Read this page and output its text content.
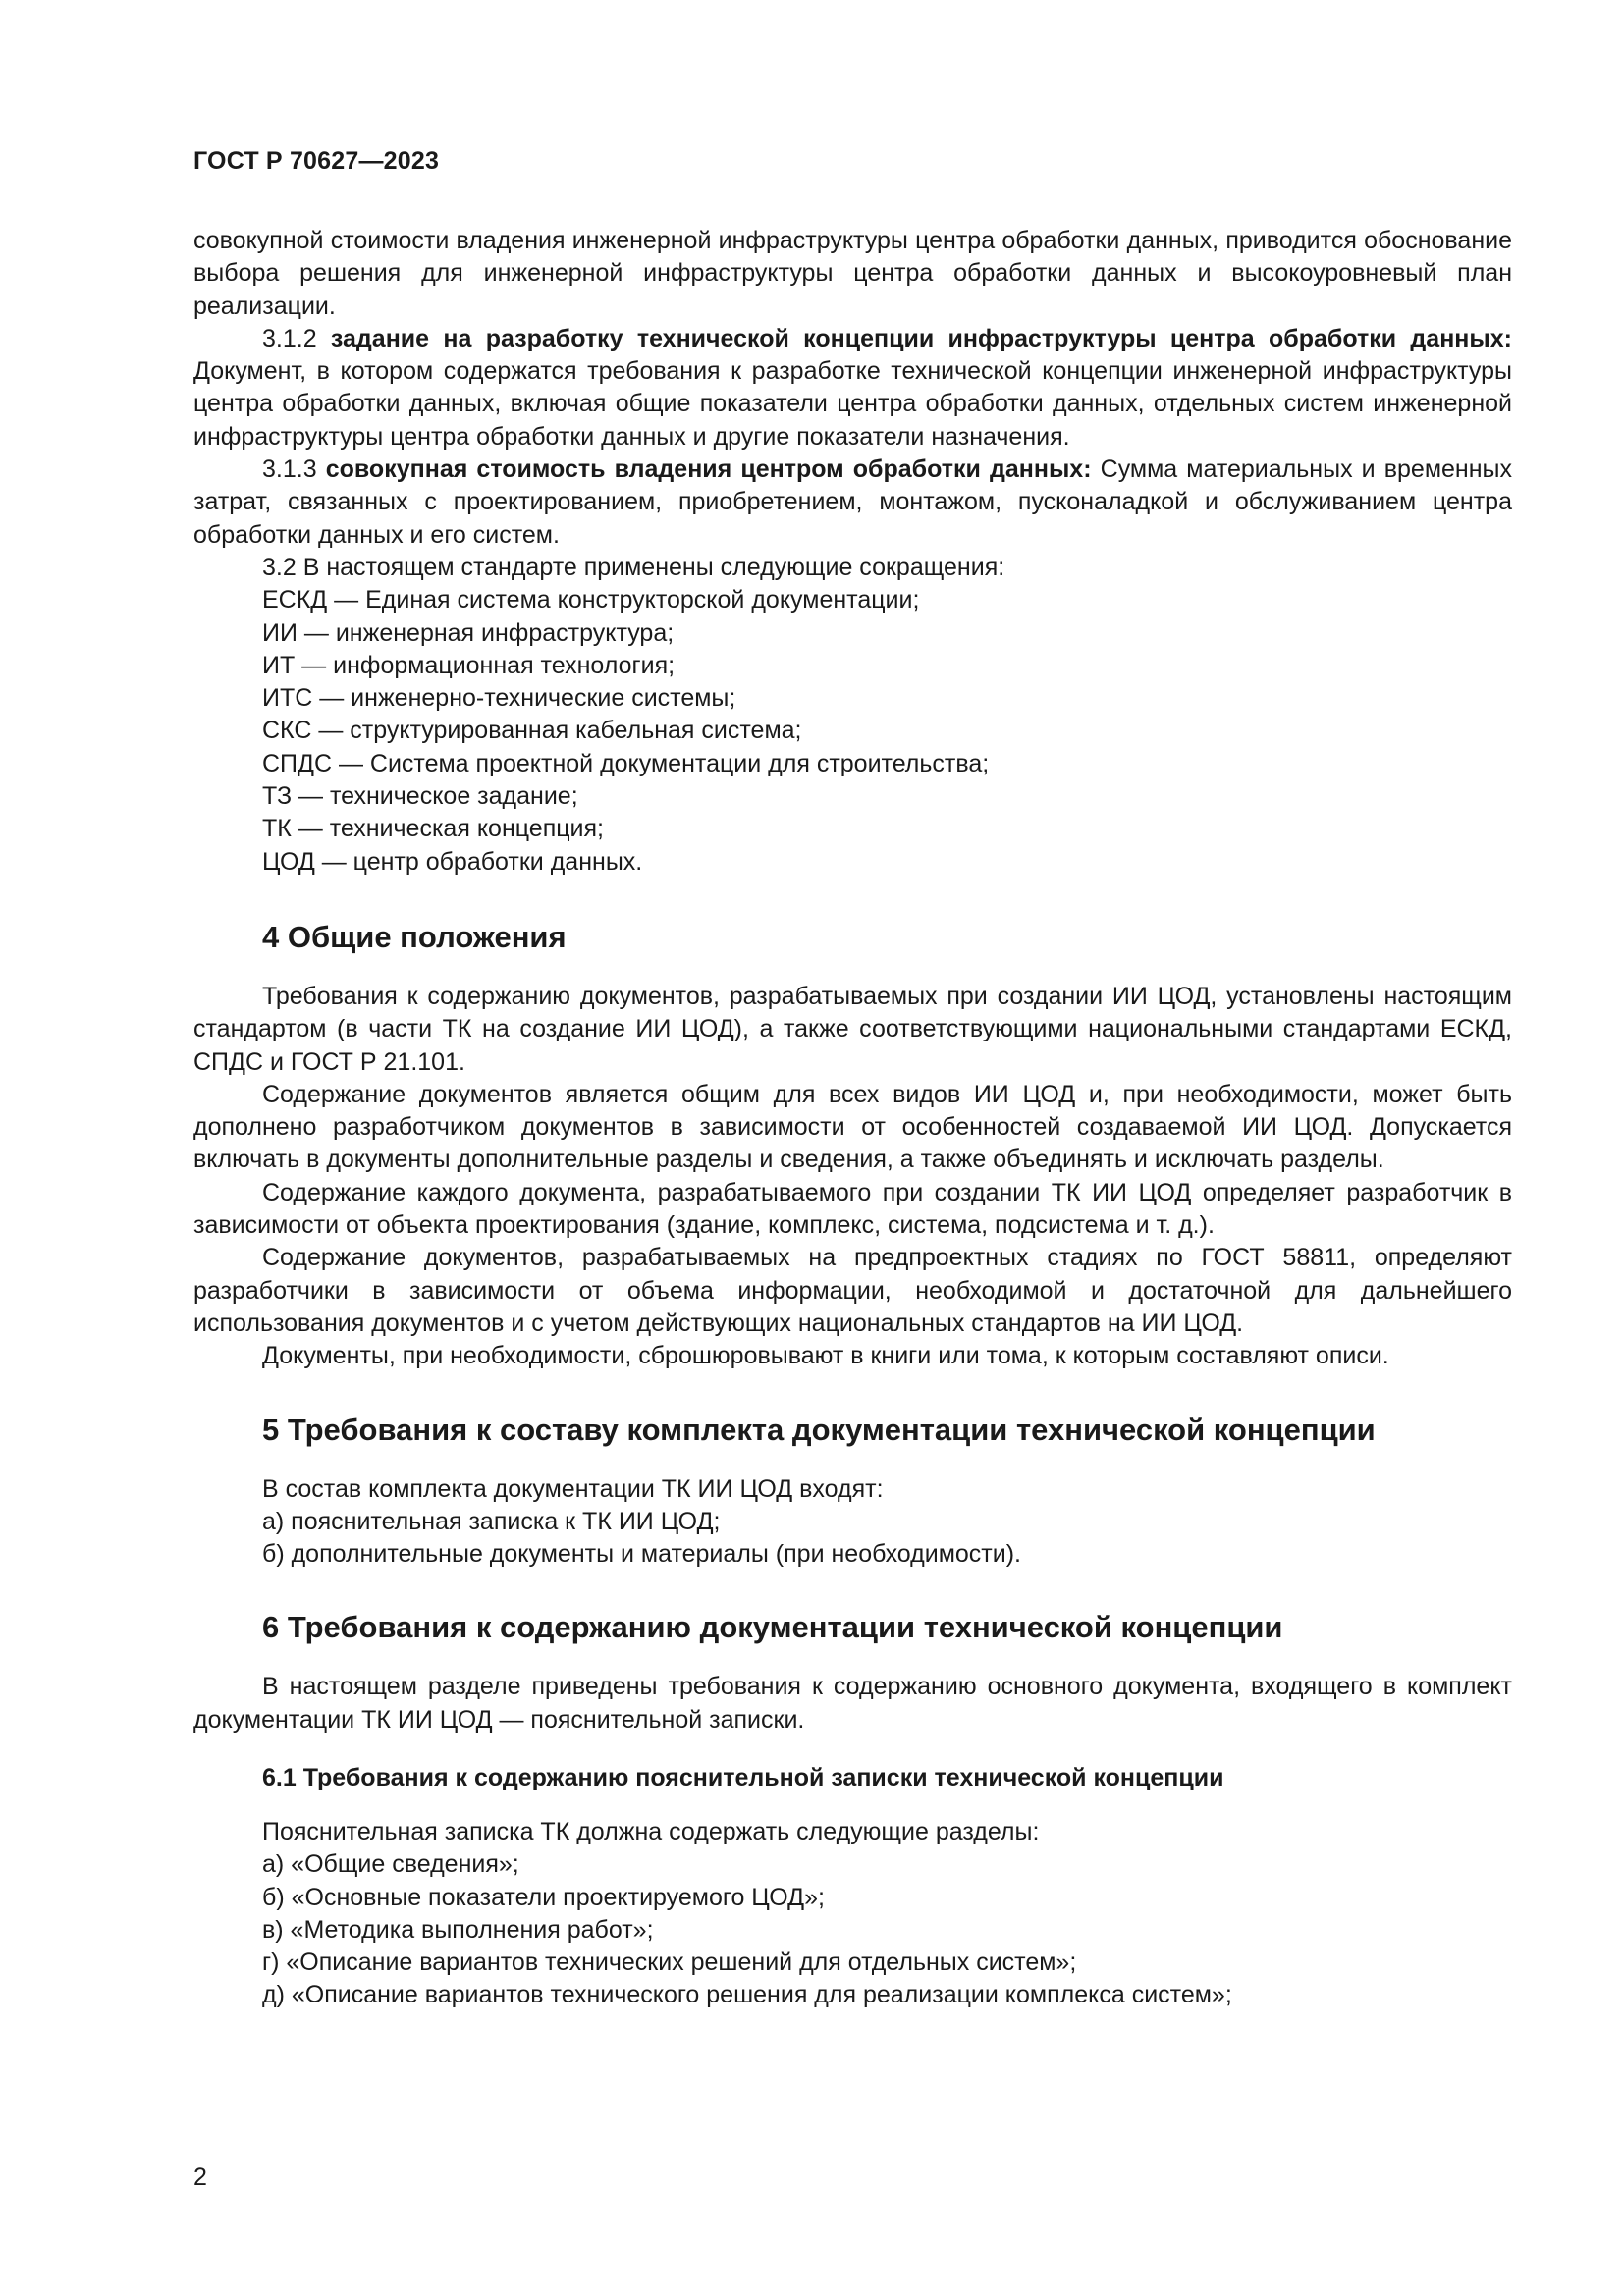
ГОСТ Р 70627—2023

совокупной стоимости владения инженерной инфраструктуры центра обработки данных, приводится обоснование выбора решения для инженерной инфраструктуры центра обработки данных и высокоуровневый план реализации.

3.1.2 задание на разработку технической концепции инфраструктуры центра обработки данных: Документ, в котором содержатся требования к разработке технической концепции инженерной инфраструктуры центра обработки данных, включая общие показатели центра обработки данных, отдельных систем инженерной инфраструктуры центра обработки данных и другие показатели назначения.

3.1.3 совокупная стоимость владения центром обработки данных: Сумма материальных и временных затрат, связанных с проектированием, приобретением, монтажом, пусконаладкой и обслуживанием центра обработки данных и его систем.

3.2 В настоящем стандарте применены следующие сокращения:

ЕСКД — Единая система конструкторской документации;

ИИ — инженерная инфраструктура;

ИТ — информационная технология;

ИТС — инженерно-технические системы;

СКС — структурированная кабельная система;

СПДС — Система проектной документации для строительства;

ТЗ — техническое задание;

ТК — техническая концепция;

ЦОД — центр обработки данных.

4 Общие положения

Требования к содержанию документов, разрабатываемых при создании ИИ ЦОД, установлены настоящим стандартом (в части ТК на создание ИИ ЦОД), а также соответствующими национальными стандартами ЕСКД, СПДС и ГОСТ Р 21.101.

Содержание документов является общим для всех видов ИИ ЦОД и, при необходимости, может быть дополнено разработчиком документов в зависимости от особенностей создаваемой ИИ ЦОД. Допускается включать в документы дополнительные разделы и сведения, а также объединять и исключать разделы.

Содержание каждого документа, разрабатываемого при создании ТК ИИ ЦОД определяет разработчик в зависимости от объекта проектирования (здание, комплекс, система, подсистема и т. д.).

Содержание документов, разрабатываемых на предпроектных стадиях по ГОСТ 58811, определяют разработчики в зависимости от объема информации, необходимой и достаточной для дальнейшего использования документов и с учетом действующих национальных стандартов на ИИ ЦОД.

Документы, при необходимости, сброшюровывают в книги или тома, к которым составляют описи.

5 Требования к составу комплекта документации технической концепции

В состав комплекта документации ТК ИИ ЦОД входят:

а) пояснительная записка к ТК ИИ ЦОД;

б) дополнительные документы и материалы (при необходимости).

6 Требования к содержанию документации технической концепции

В настоящем разделе приведены требования к содержанию основного документа, входящего в комплект документации ТК ИИ ЦОД — пояснительной записки.

6.1 Требования к содержанию пояснительной записки технической концепции

Пояснительная записка ТК должна содержать следующие разделы:

а) «Общие сведения»;

б) «Основные показатели проектируемого ЦОД»;

в) «Методика выполнения работ»;

г) «Описание вариантов технических решений для отдельных систем»;

д) «Описание вариантов технического решения для реализации комплекса систем»;

2
